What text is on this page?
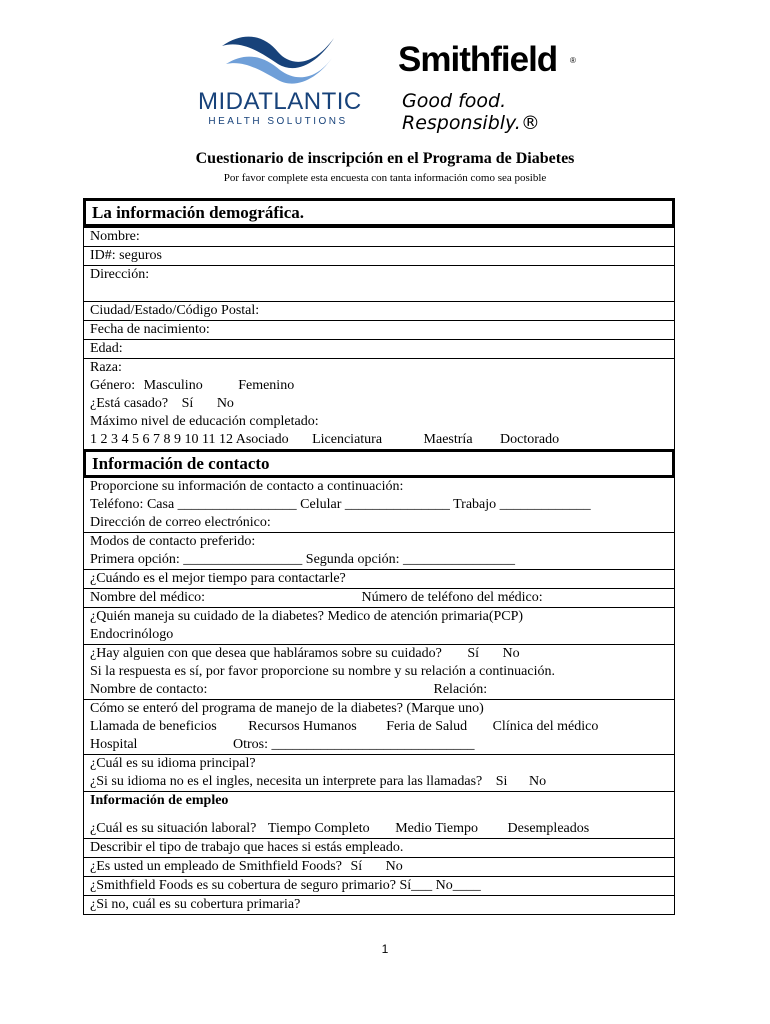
MIDATLANTIC
HEALTH SOLUTIONS
Smithfield	®
Good food. Responsibly.®
Cuestionario de inscripción en el Programa de Diabetes
Por favor complete esta encuesta con tanta información como sea posible
La información demográfica.
Nombre:
ID#: seguros
Dirección:
Ciudad/Estado/Código Postal:
Fecha de nacimiento:
Edad:
Raza:
Género: Masculino	Femenino
¿Está casado? Sí No
Máximo nivel de educación completado:
1 2 3 4 5 6 7 8 9 10 11 12 Asociado Licenciatura	Maestría Doctorado
Información de contacto
Proporcione su información de contacto a continuación:
Teléfono: Casa _________________ Celular _______________ Trabajo _____________
Dirección de correo electrónico:
Modos de contacto preferido:
Primera opción: _________________ Segunda opción: ________________
¿Cuándo es el mejor tiempo para contactarle?
Nombre del médico:	Número de teléfono del médico:
¿Quién maneja su cuidado de la diabetes? Medico de atención primaria(PCP)
Endocrinólogo
¿Hay alguien con que desea que habláramos sobre su cuidado? Sí No
Si la respuesta es sí, por favor proporcione su nombre y su relación a continuación.
Nombre de contacto:	Relación:
Cómo se enteró del programa de manejo de la diabetes? (Marque uno)
Llamada de beneficios Recursos Humanos Feria de Salud Clínica del médico
Hospital	Otros: _____________________________
¿Cuál es su idioma principal?
¿Si su idioma no es el ingles, necesita un interprete para las llamadas? Si No
Información de empleo
¿Cuál es su situación laboral? Tiempo Completo Medio Tiempo Desempleados
Describir el tipo de trabajo que haces si estás empleado.
¿Es usted un empleado de Smithfield Foods? Sí No
¿Smithfield Foods es su cobertura de seguro primario? Sí___ No____
¿Si no, cuál es su cobertura primaria?
1
